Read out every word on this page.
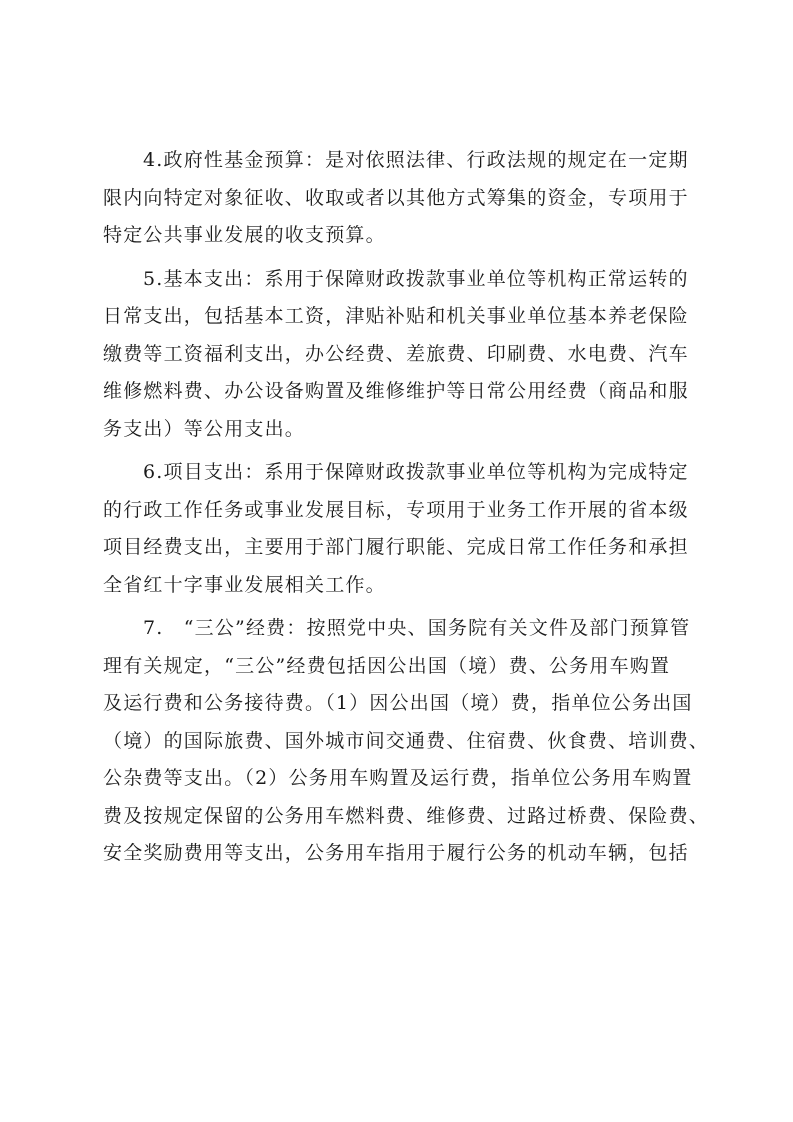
4.政府性基金预算：是对依照法律、行政法规的规定在一定期
限内向特定对象征收、收取或者以其他方式筹集的资金，专项用于
特定公共事业发展的收支预算。
5.基本支出：系用于保障财政拨款事业单位等机构正常运转的
日常支出，包括基本工资，津贴补贴和机关事业单位基本养老保险
缴费等工资福利支出，办公经费、差旅费、印刷费、水电费、汽车
维修燃料费、办公设备购置及维修维护等日常公用经费（商品和服
务支出）等公用支出。
6.项目支出：系用于保障财政拨款事业单位等机构为完成特定
的行政工作任务或事业发展目标，专项用于业务工作开展的省本级
项目经费支出，主要用于部门履行职能、完成日常工作任务和承担
全省红十字事业发展相关工作。
7.　“三公”经费：按照党中央、国务院有关文件及部门预算管
理有关规定，“三公”经费包括因公出国（境）费、公务用车购置
及运行费和公务接待费。（1）因公出国（境）费，指单位公务出国
（境）的国际旅费、国外城市间交通费、住宿费、伙食费、培训费、
公杂费等支出。（2）公务用车购置及运行费，指单位公务用车购置
费及按规定保留的公务用车燃料费、维修费、过路过桥费、保险费、
安全奖励费用等支出，公务用车指用于履行公务的机动车辆，包括
